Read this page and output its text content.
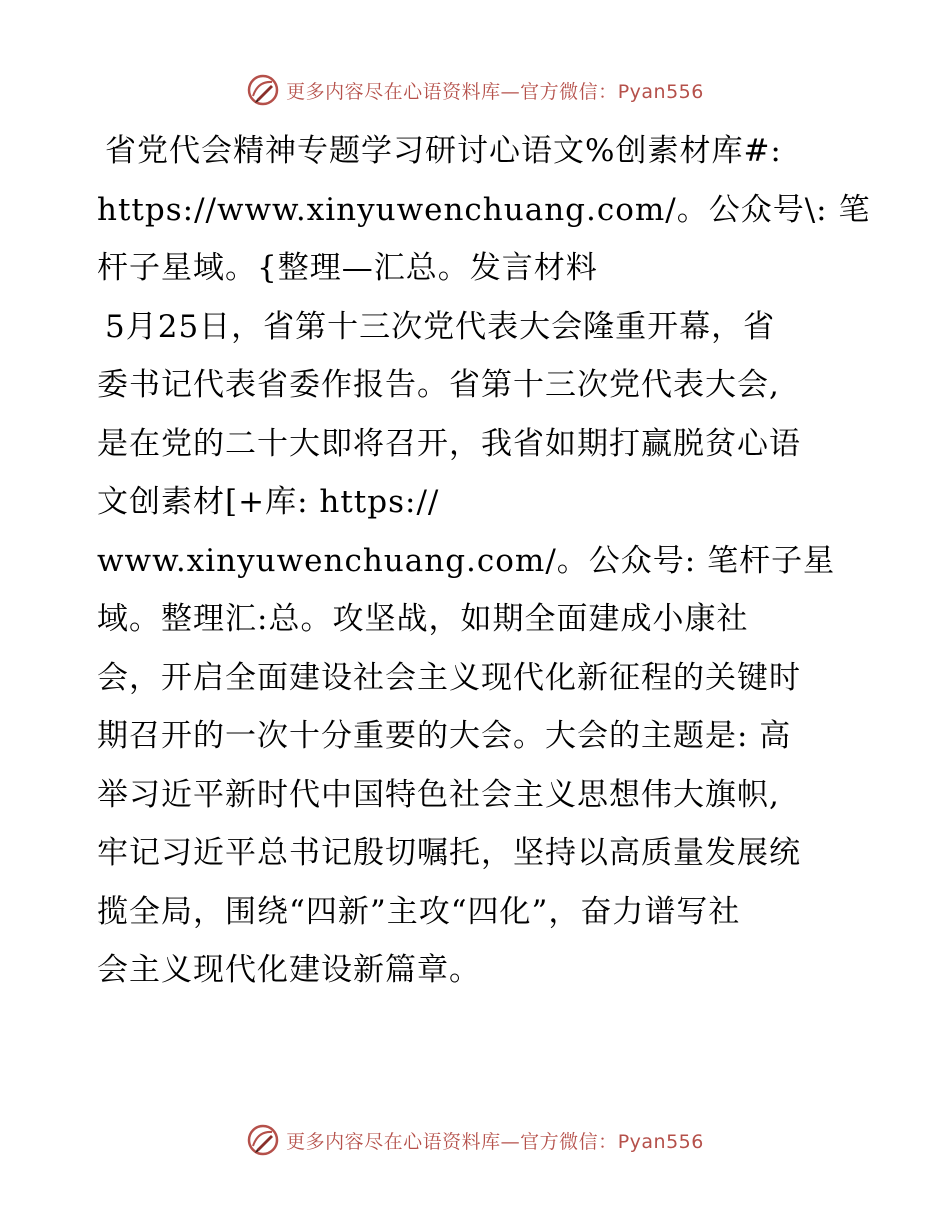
更多内容尽在心语资料库—官方微信：Pyan556

省党代会精神专题学习研讨心语文%创素材库#:
https://www.xinyuwenchuang.com/。公众号\: 笔
杆子星域。{整理—汇总。发言材料

5月25日，省第十三次党代表大会隆重开幕，省
委书记代表省委作报告。省第十三次党代表大会,
是在党的二十大即将召开，我省如期打赢脱贫心语
文创素材[+库: https://
www.xinyuwenchuang.com/。公众号: 笔杆子星
域。整理汇:总。攻坚战，如期全面建成小康社
会，开启全面建设社会主义现代化新征程的关键时
期召开的一次十分重要的大会。大会的主题是: 高
举习近平新时代中国特色社会主义思想伟大旗帜,
牢记习近平总书记殷切嘱托，坚持以高质量发展统
揽全局，围绕“四新”主攻“四化”，奋力谱写社
会主义现代化建设新篇章。

更多内容尽在心语资料库—官方微信：Pyan556
